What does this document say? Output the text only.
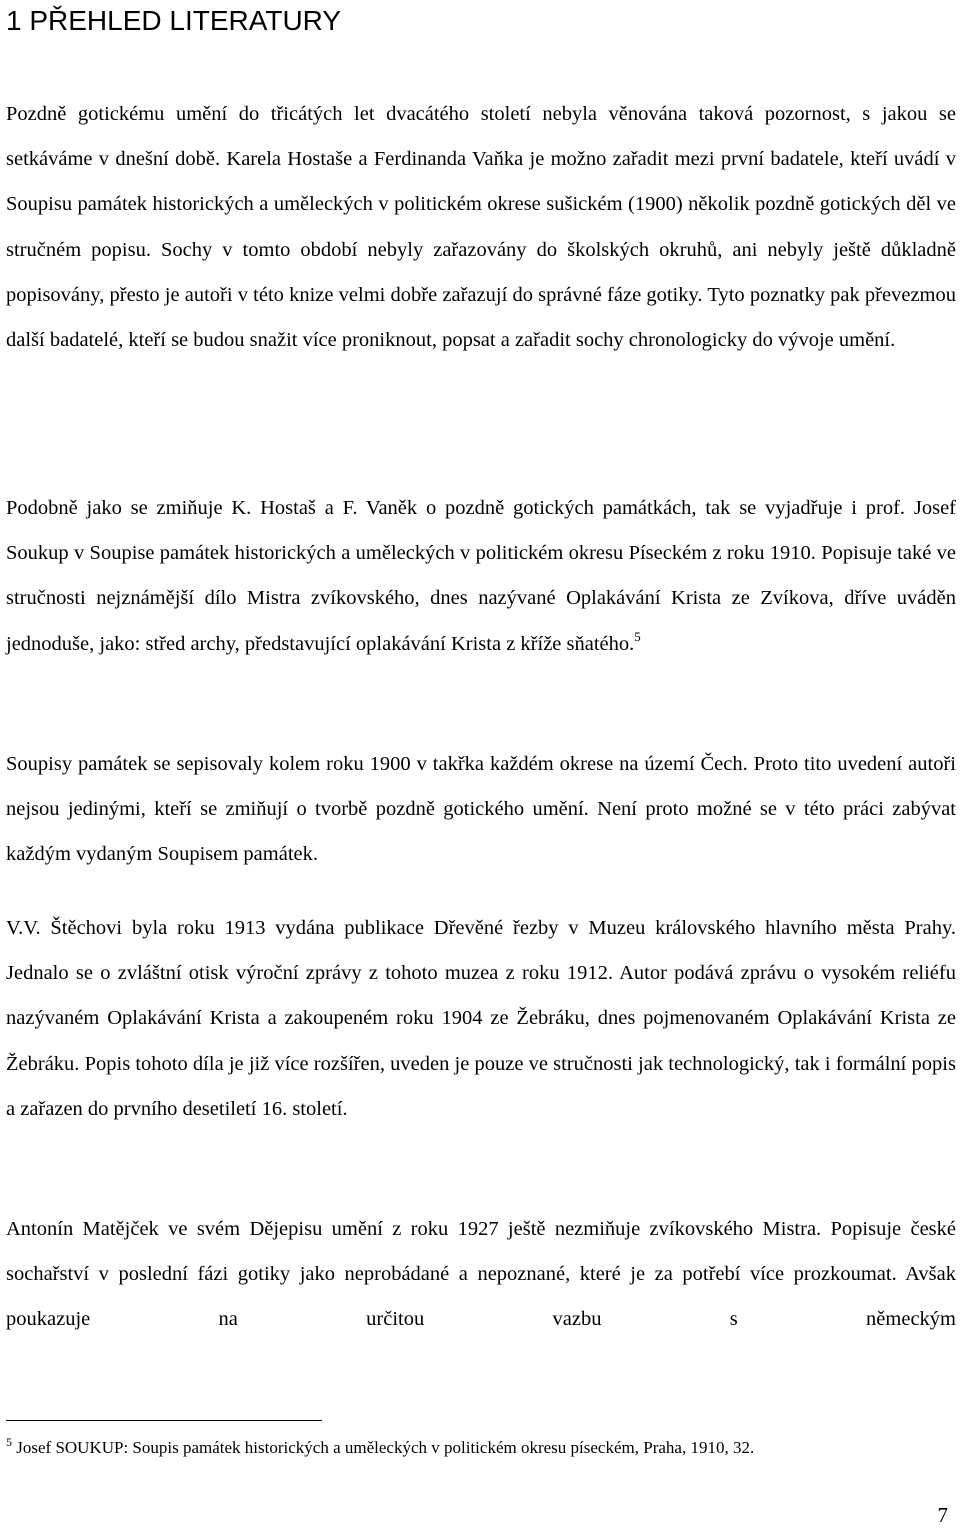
1 PŘEHLED LITERATURY

Pozdně gotickému umění do třicátých let dvacátého století nebyla věnována taková pozornost, s jakou se setkáváme v dnešní době. Karela Hostaše a Ferdinanda Vaňka je možno zařadit mezi první badatele, kteří uvádí v Soupisu památek historických a uměleckých v politickém okrese sušickém (1900) několik pozdně gotických děl ve stručném popisu. Sochy v tomto období nebyly zařazovány do školských okruhů, ani nebyly ještě důkladně popisovány, přesto je autoři v této knize velmi dobře zařazují do správné fáze gotiky. Tyto poznatky pak převezmou další badatelé, kteří se budou snažit více proniknout, popsat a zařadit sochy chronologicky do vývoje umění.

Podobně jako se zmiňuje K. Hostaš a F. Vaněk o pozdně gotických památkách, tak se vyjadřuje i prof. Josef Soukup v Soupise památek historických a uměleckých v politickém okresu Píseckém z roku 1910. Popisuje také ve stručnosti nejznámější dílo Mistra zvíkovského, dnes nazývané Oplakávání Krista ze Zvíkova, dříve uváděn jednoduše, jako: střed archy, představující oplakávání Krista z kříže sňatého.$^5$

Soupisy památek se sepisovaly kolem roku 1900 v takřka každém okrese na území Čech. Proto tito uvedení autoři nejsou jedinými, kteří se zmiňují o tvorbě pozdně gotického umění. Není proto možné se v této práci zabývat každým vydaným Soupisem památek.

V.V. Štěchovi byla roku 1913 vydána publikace Dřevěné řezby v Muzeu královského hlavního města Prahy. Jednalo se o zvláštní otisk výroční zprávy z tohoto muzea z roku 1912. Autor podává zprávu o vysokém reliéfu nazývaném Oplakávání Krista a zakoupeném roku 1904 ze Žebráku, dnes pojmenovaném Oplakávání Krista ze Žebráku. Popis tohoto díla je již více rozšířen, uveden je pouze ve stručnosti jak technologický, tak i formální popis a zařazen do prvního desetiletí 16. století.

Antonín Matějček ve svém Dějepisu umění z roku 1927 ještě nezmiňuje zvíkovského Mistra. Popisuje české sochařství v poslední fázi gotiky jako neprobádané a nepoznané, které je za potřebí více prozkoumat. Avšak poukazuje na určitou vazbu s německým

$^5$ Josef SOUKUP: Soupis památek historických a uměleckých v politickém okresu píseckém, Praha, 1910, 32.

7
